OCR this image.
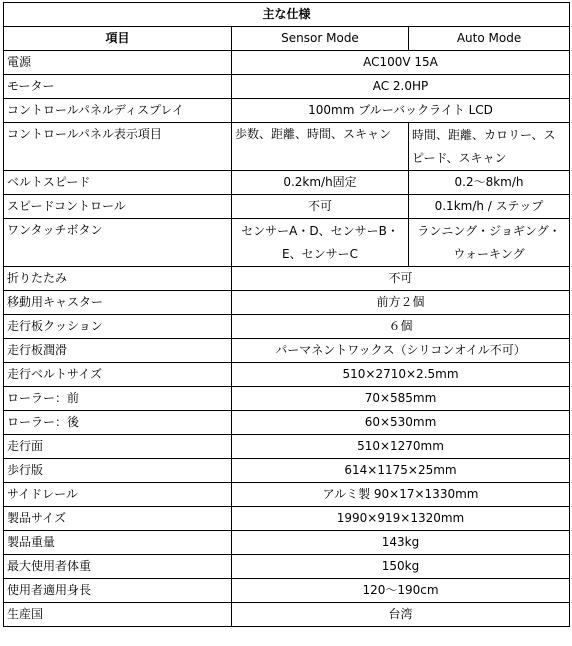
主な仕様		
項目	Sensor Mode	Auto Mode
電源	AC100V 15A	
モーター	AC 2.0HP	
コントロールパネルディスプレイ	100mm ブルーバックライト LCD	
コントロールパネル表示項目	歩数、距離、時間、スキャン	時間、距離、カロリー、スピード、スキャン
ベルトスピード	0.2km/h固定	0.2～8km/h
スピードコントロール	不可	0.1km/h / ステップ
ワンタッチボタン	センサーA・D、センサーB・E、センサーC	ランニング・ジョギング・ウォーキング
折りたたみ	不可	
移動用キャスター	前方２個	
走行板クッション	６個	
走行板潤滑	パーマネントワックス（シリコンオイル不可）	
走行ベルトサイズ	510×2710×2.5mm	
ローラー：前	70×585mm	
ローラー：後	60×530mm	
走行面	510×1270mm	
歩行版	614×1175×25mm	
サイドレール	アルミ製 90×17×1330mm	
製品サイズ	1990×919×1320mm	
製品重量	143kg	
最大使用者体重	150kg	
使用者適用身長	120～190cm	
生産国	台湾	
